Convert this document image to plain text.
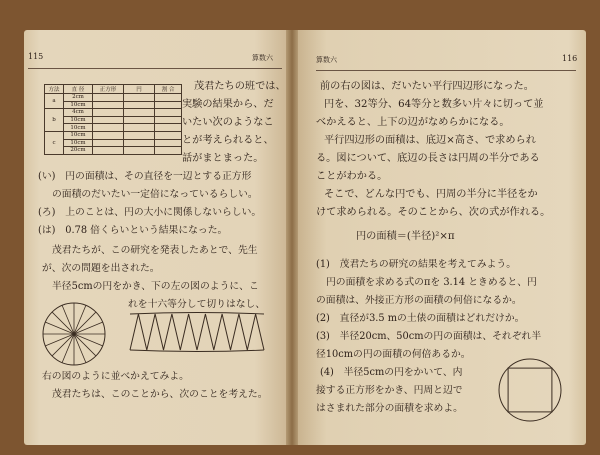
115	算数六
方法	直 径	正方形	円	割 合
a	2cm			
	10cm			
b	4cm			
	10cm			
	10cm			
c	10cm			
	10cm			
	20cm			
茂君たちの班では、
実験の結果から、だ
いたい次のようなこ
とが考えられると、
話がまとまった。
(い)　円の面積は、その直径を一辺とする正方形
の面積のだいたい一定倍になっているらしい。
(ろ)　上のことは、円の大小に関係しないらしい。
(は)　0.78 倍くらいという結果になった。
茂君たちが、この研究を発表したあとで、先生
が、次の問題を出された。
半径5cmの円をかき、下の左の図のように、こ
れを十六等分して切りはなし、
右の図のように並べかえてみよ。
茂君たちは、このことから、次のことを考えた。
算数六	116
前の右の図は、だいたい平行四辺形になった。
円を、32等分、64等分と数多い片々に切って並
べかえると、上下の辺がなめらかになる。
平行四辺形の面積は、底辺×高さ、で求められ
る。図について、底辺の長さは円周の半分である
ことがわかる。
そこで、どんな円でも、円周の半分に半径をか
けて求められる。そのことから、次の式が作れる。
円の面積＝(半径)²×π
(1)　茂君たちの研究の結果を考えてみよう。
円の面積を求める式のπを 3.14 ときめると、円
の面積は、外接正方形の面積の何倍になるか。
(2)　直径が3.5 mの土俵の面積はどれだけか。
(3)　半径20cm、50cmの円の面積は、それぞれ半
径10cmの円の面積の何倍あるか。
(4)　半径5cmの円をかいて、内
接する正方形をかき、円周と辺で
はさまれた部分の面積を求めよ。
